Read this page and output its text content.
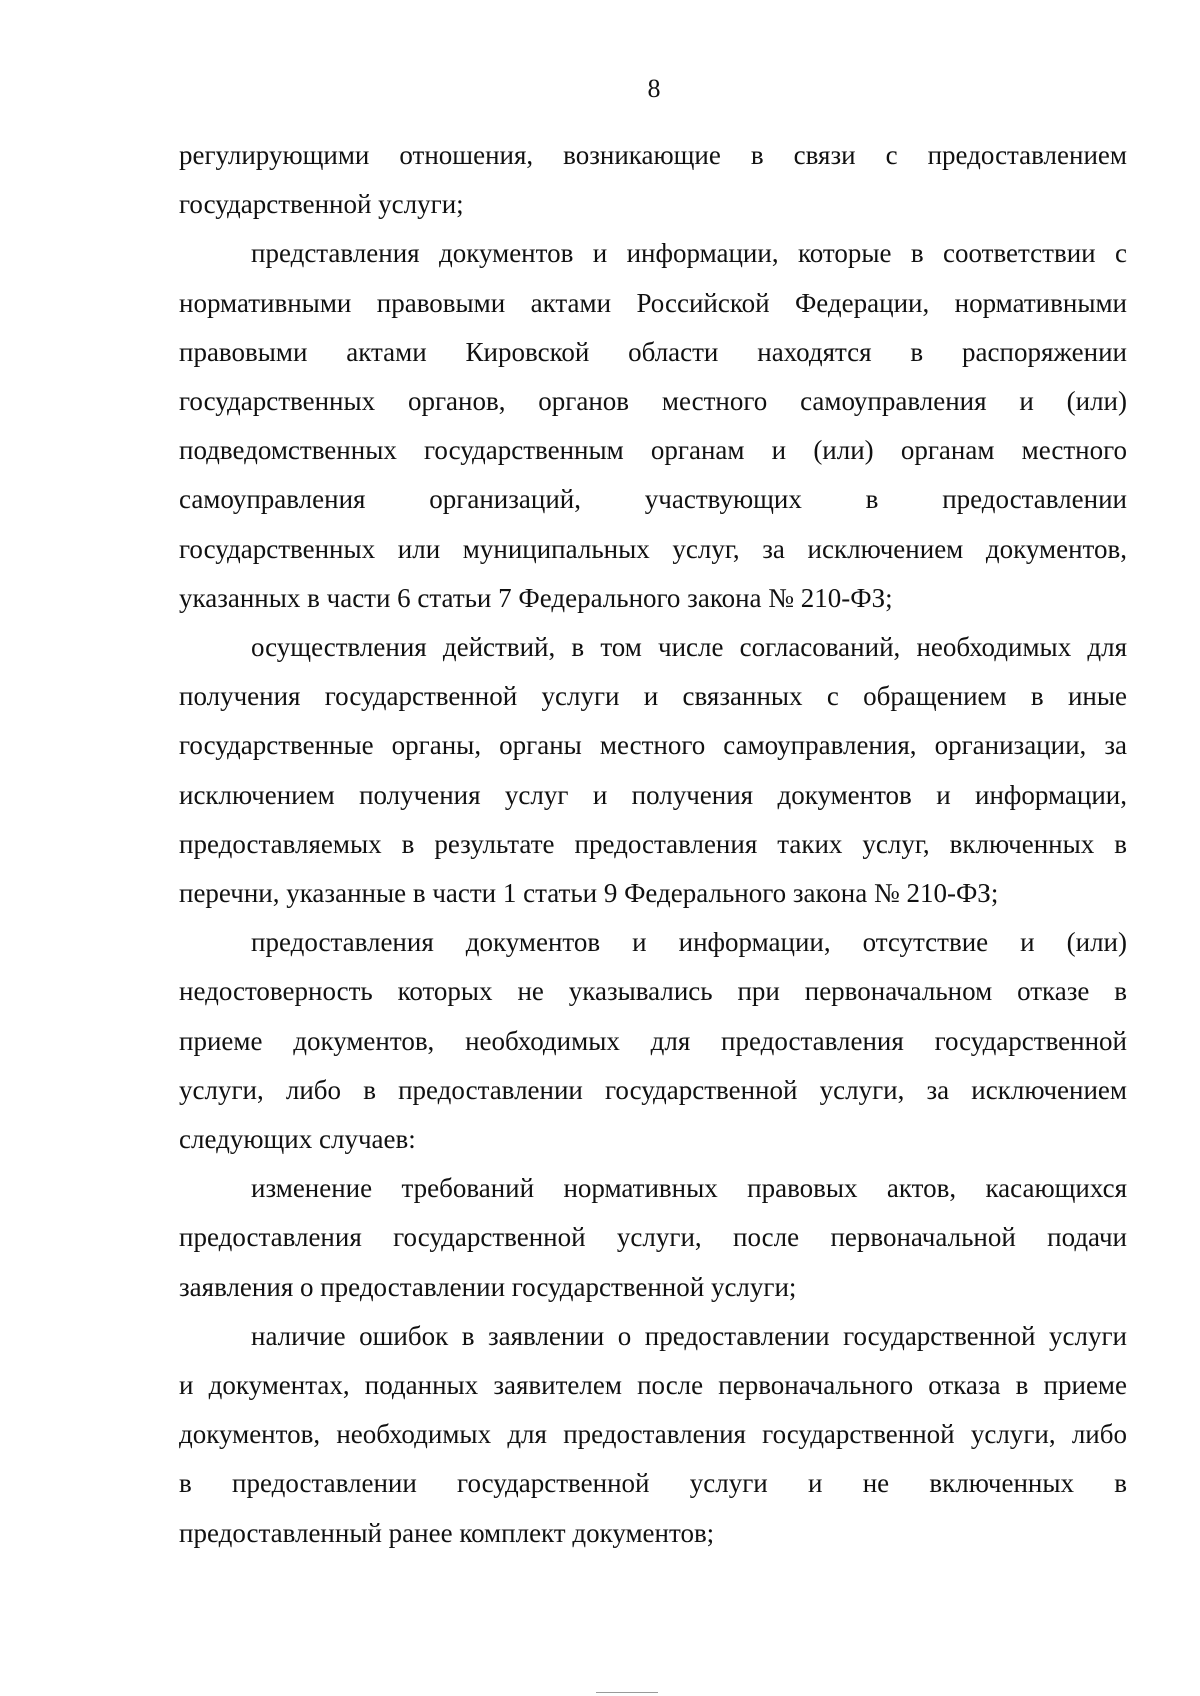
8
регулирующими отношения, возникающие в связи с предоставлением
государственной услуги;
представления документов и информации, которые в соответствии с
нормативными правовыми актами Российской Федерации, нормативными
правовыми актами Кировской области находятся в распоряжении
государственных органов, органов местного самоуправления и (или)
подведомственных государственным органам и (или) органам местного
самоуправления организаций, участвующих в предоставлении
государственных или муниципальных услуг, за исключением документов,
указанных в части 6 статьи 7 Федерального закона № 210-ФЗ;
осуществления действий, в том числе согласований, необходимых для
получения государственной услуги и связанных с обращением в иные
государственные органы, органы местного самоуправления, организации, за
исключением получения услуг и получения документов и информации,
предоставляемых в результате предоставления таких услуг, включенных в
перечни, указанные в части 1 статьи 9 Федерального закона № 210-ФЗ;
предоставления документов и информации, отсутствие и (или)
недостоверность которых не указывались при первоначальном отказе в
приеме документов, необходимых для предоставления государственной
услуги, либо в предоставлении государственной услуги, за исключением
следующих случаев:
изменение требований нормативных правовых актов, касающихся
предоставления государственной услуги, после первоначальной подачи
заявления о предоставлении государственной услуги;
наличие ошибок в заявлении о предоставлении государственной услуги
и документах, поданных заявителем после первоначального отказа в приеме
документов, необходимых для предоставления государственной услуги, либо
в предоставлении государственной услуги и не включенных в
предоставленный ранее комплект документов;
